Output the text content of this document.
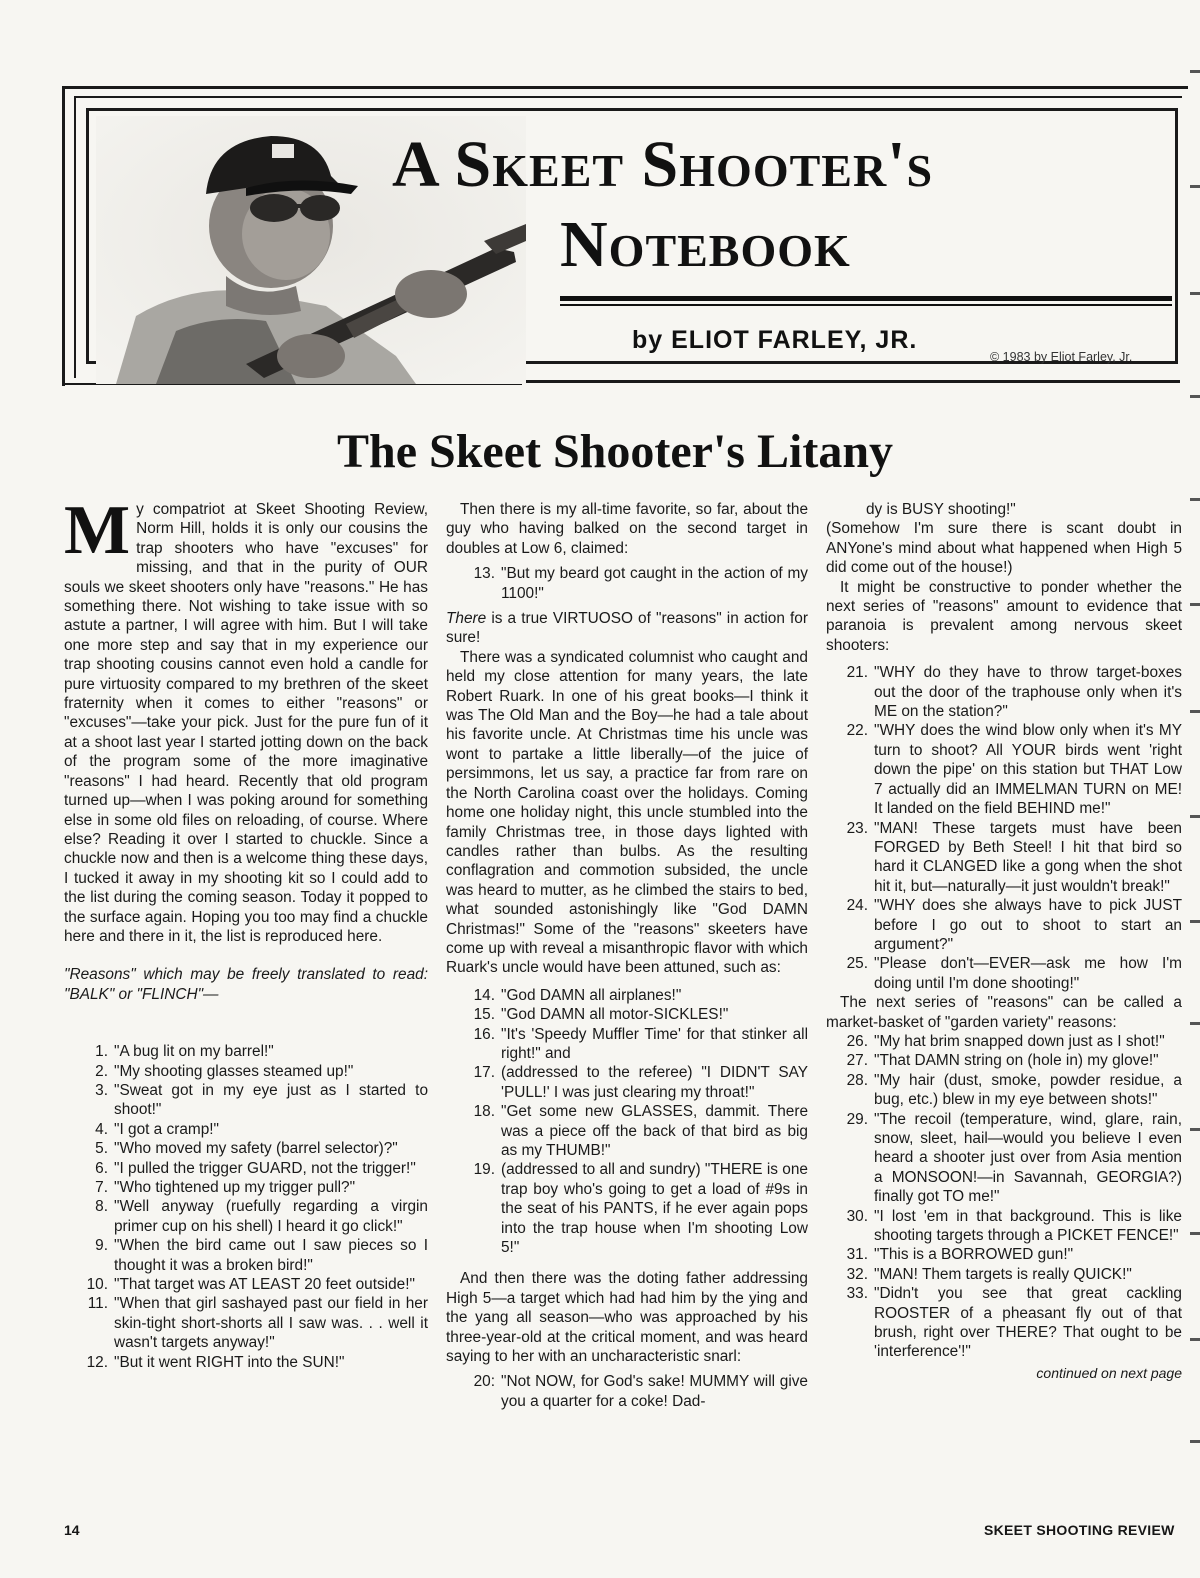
A Skeet Shooter's
Notebook
by ELIOT FARLEY, JR.
© 1983 by Eliot Farley, Jr.
The Skeet Shooter's Litany

My compatriot at Skeet Shooting Review, Norm Hill, holds it is only our cousins the trap shooters who have "excuses" for missing, and that in the purity of OUR souls we skeet shooters only have "reasons." He has something there. Not wishing to take issue with so astute a partner, I will agree with him. But I will take one more step and say that in my experience our trap shooting cousins cannot even hold a candle for pure virtuosity compared to my brethren of the skeet fraternity when it comes to either "reasons" or "excuses"—take your pick. Just for the pure fun of it at a shoot last year I started jotting down on the back of the program some of the more imaginative "reasons" I had heard. Recently that old program turned up—when I was poking around for something else in some old files on reloading, of course. Where else? Reading it over I started to chuckle. Since a chuckle now and then is a welcome thing these days, I tucked it away in my shooting kit so I could add to the list during the coming season. Today it popped to the surface again. Hoping you too may find a chuckle here and there in it, the list is reproduced here.

"Reasons" which may be freely translated to read: "BALK" or "FLINCH"—

1. "A bug lit on my barrel!"
2. "My shooting glasses steamed up!"
3. "Sweat got in my eye just as I started to shoot!"
4. "I got a cramp!"
5. "Who moved my safety (barrel selector)?"
6. "I pulled the trigger GUARD, not the trigger!"
7. "Who tightened up my trigger pull?"
8. "Well anyway (ruefully regarding a virgin primer cup on his shell) I heard it go click!"
9. "When the bird came out I saw pieces so I thought it was a broken bird!"
10. "That target was AT LEAST 20 feet outside!"
11. "When that girl sashayed past our field in her skin-tight short-shorts all I saw was. . . well it wasn't targets anyway!"
12. "But it went RIGHT into the SUN!"

Then there is my all-time favorite, so far, about the guy who having balked on the second target in doubles at Low 6, claimed:

13. "But my beard got caught in the action of my 1100!"

There is a true VIRTUOSO of "reasons" in action for sure!

There was a syndicated columnist who caught and held my close attention for many years, the late Robert Ruark. In one of his great books—I think it was The Old Man and the Boy—he had a tale about his favorite uncle. At Christmas time his uncle was wont to partake a little liberally—of the juice of persimmons, let us say, a practice far from rare on the North Carolina coast over the holidays. Coming home one holiday night, this uncle stumbled into the family Christmas tree, in those days lighted with candles rather than bulbs. As the resulting conflagration and commotion subsided, the uncle was heard to mutter, as he climbed the stairs to bed, what sounded astonishingly like "God DAMN Christmas!" Some of the "reasons" skeeters have come up with reveal a misanthropic flavor with which Ruark's uncle would have been attuned, such as:

14. "God DAMN all airplanes!"
15. "God DAMN all motor-SICKLES!"
16. "It's 'Speedy Muffler Time' for that stinker all right!" and
17. (addressed to the referee) "I DIDN'T SAY 'PULL!' I was just clearing my throat!"
18. "Get some new GLASSES, dammit. There was a piece off the back of that bird as big as my THUMB!"
19. (addressed to all and sundry) "THERE is one trap boy who's going to get a load of #9s in the seat of his PANTS, if he ever again pops into the trap house when I'm shooting Low 5!"

And then there was the doting father addressing High 5—a target which had had him by the ying and the yang all season—who was approached by his three-year-old at the critical moment, and was heard saying to her with an uncharacteristic snarl:

20: "Not NOW, for God's sake! MUMMY will give you a quarter for a coke! Dad-

dy is BUSY shooting!"

(Somehow I'm sure there is scant doubt in ANYone's mind about what happened when High 5 did come out of the house!)

It might be constructive to ponder whether the next series of "reasons" amount to evidence that paranoia is prevalent among nervous skeet shooters:

21. "WHY do they have to throw target-boxes out the door of the traphouse only when it's ME on the station?"
22. "WHY does the wind blow only when it's MY turn to shoot? All YOUR birds went 'right down the pipe' on this station but THAT Low 7 actually did an IMMELMAN TURN on ME! It landed on the field BEHIND me!"
23. "MAN! These targets must have been FORGED by Beth Steel! I hit that bird so hard it CLANGED like a gong when the shot hit it, but—naturally—it just wouldn't break!"
24. "WHY does she always have to pick JUST before I go out to shoot to start an argument?"
25. "Please don't—EVER—ask me how I'm doing until I'm done shooting!"

The next series of "reasons" can be called a market-basket of "garden variety" reasons:

26. "My hat brim snapped down just as I shot!"
27. "That DAMN string on (hole in) my glove!"
28. "My hair (dust, smoke, powder residue, a bug, etc.) blew in my eye between shots!"
29. "The recoil (temperature, wind, glare, rain, snow, sleet, hail—would you believe I even heard a shooter just over from Asia mention a MONSOON!—in Savannah, GEORGIA?) finally got TO me!"
30. "I lost 'em in that background. This is like shooting targets through a PICKET FENCE!"
31. "This is a BORROWED gun!"
32. "MAN! Them targets is really QUICK!"
33. "Didn't you see that great cackling ROOSTER of a pheasant fly out of that brush, right over THERE? That ought to be 'interference'!"

continued on next page

14	SKEET SHOOTING REVIEW
